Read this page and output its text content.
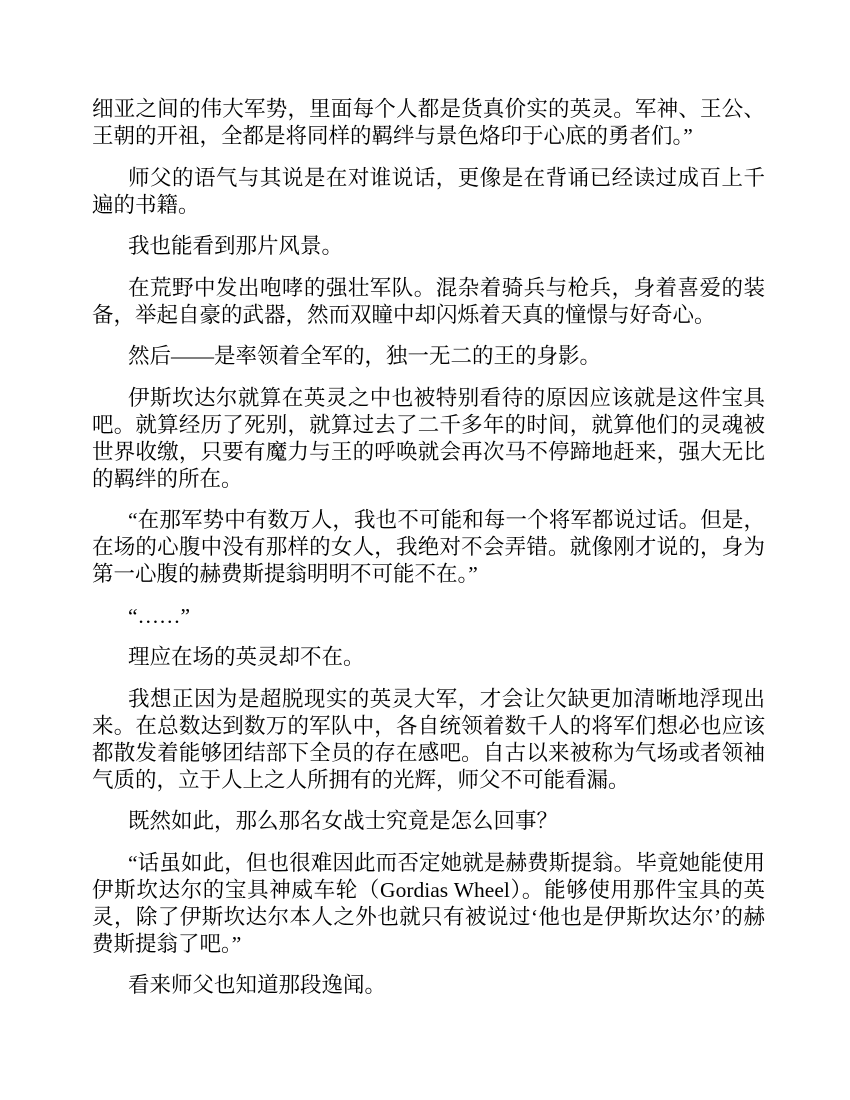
细亚之间的伟大军势，里面每个人都是货真价实的英灵。军神、王公、王朝的开祖，全都是将同样的羁绊与景色烙印于心底的勇者们。”

师父的语气与其说是在对谁说话，更像是在背诵已经读过成百上千遍的书籍。

我也能看到那片风景。

在荒野中发出咆哮的强壮军队。混杂着骑兵与枪兵，身着喜爱的装备，举起自豪的武器，然而双瞳中却闪烁着天真的憧憬与好奇心。

然后——是率领着全军的，独一无二的王的身影。

伊斯坎达尔就算在英灵之中也被特别看待的原因应该就是这件宝具吧。就算经历了死别，就算过去了二千多年的时间，就算他们的灵魂被世界收缴，只要有魔力与王的呼唤就会再次马不停蹄地赶来，强大无比的羁绊的所在。

“在那军势中有数万人，我也不可能和每一个将军都说过话。但是，在场的心腹中没有那样的女人，我绝对不会弄错。就像刚才说的，身为第一心腹的赫费斯提翁明明不可能不在。”

“……”

理应在场的英灵却不在。

我想正因为是超脱现实的英灵大军，才会让欠缺更加清晰地浮现出来。在总数达到数万的军队中，各自统领着数千人的将军们想必也应该都散发着能够团结部下全员的存在感吧。自古以来被称为气场或者领袖气质的，立于人上之人所拥有的光辉，师父不可能看漏。

既然如此，那么那名女战士究竟是怎么回事？

“话虽如此，但也很难因此而否定她就是赫费斯提翁。毕竟她能使用伊斯坎达尔的宝具神威车轮（Gordias Wheel）。能够使用那件宝具的英灵，除了伊斯坎达尔本人之外也就只有被说过‘他也是伊斯坎达尔’的赫费斯提翁了吧。”

看来师父也知道那段逸闻。
